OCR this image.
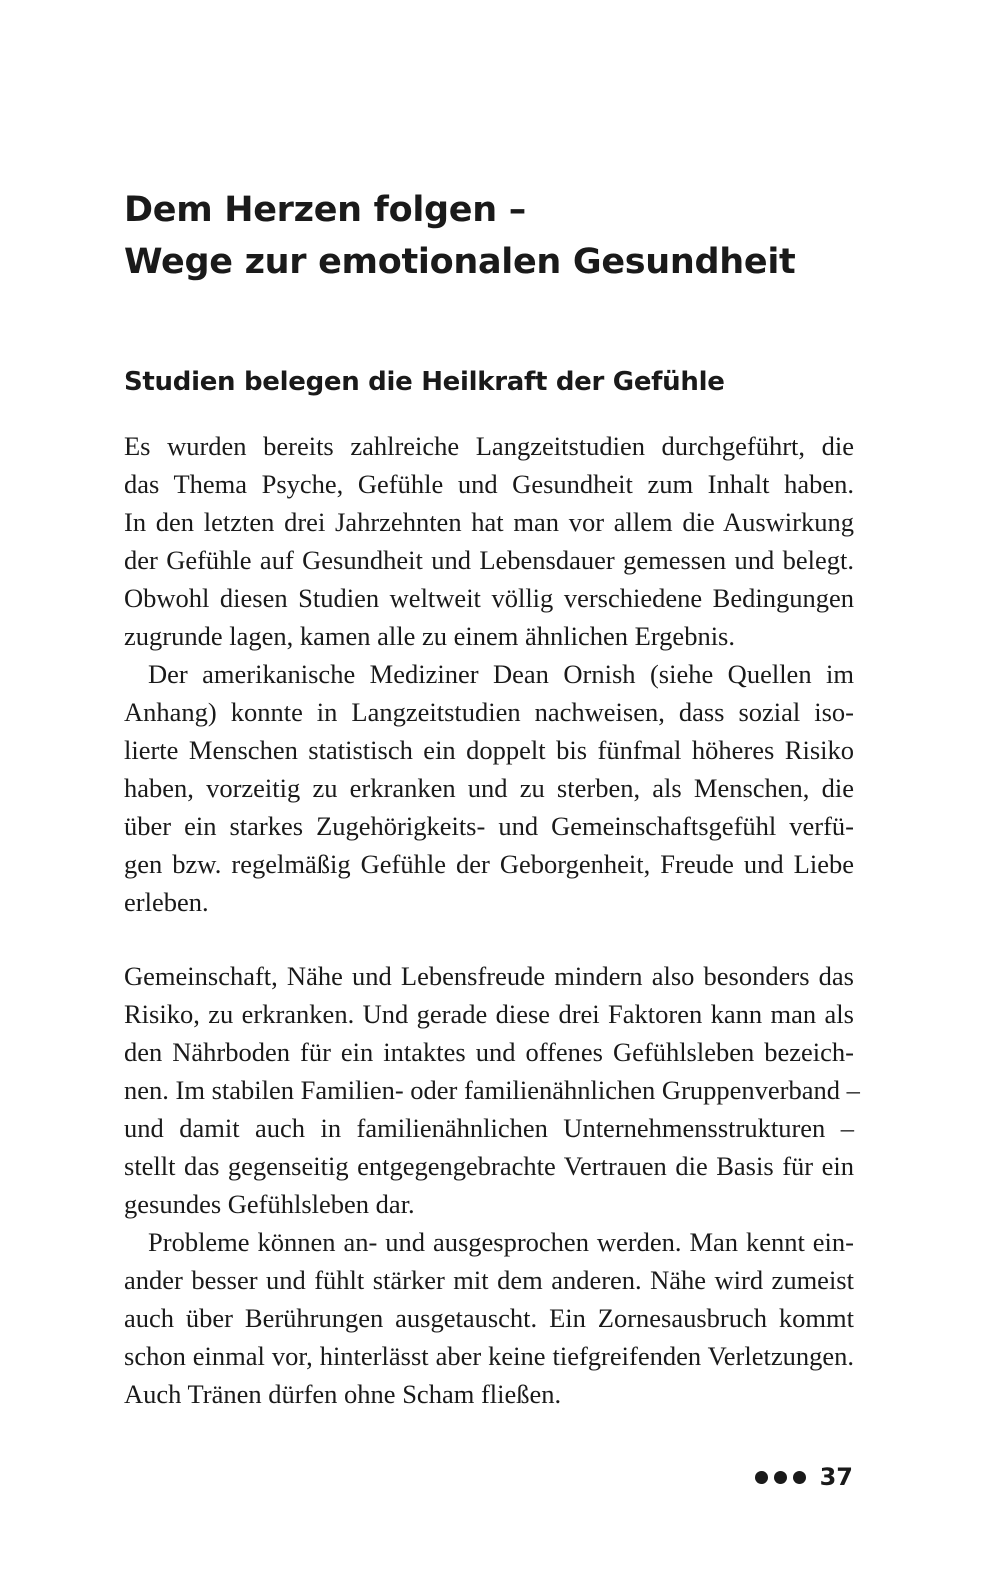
Dem Herzen folgen –
Wege zur emotionalen Gesundheit
Studien belegen die Heilkraft der Gefühle
Es wurden bereits zahlreiche Langzeitstudien durchgeführt, die
das Thema Psyche, Gefühle und Gesundheit zum Inhalt haben.
In den letzten drei Jahrzehnten hat man vor allem die Auswirkung
der Gefühle auf Gesundheit und Lebensdauer gemessen und belegt.
Obwohl diesen Studien weltweit völlig verschiedene Bedingungen
zugrunde lagen, kamen alle zu einem ähnlichen Ergebnis.
Der amerikanische Mediziner Dean Ornish (siehe Quellen im
Anhang) konnte in Langzeitstudien nachweisen, dass sozial iso-
lierte Menschen statistisch ein doppelt bis fünfmal höheres Risiko
haben, vorzeitig zu erkranken und zu sterben, als Menschen, die
über ein starkes Zugehörigkeits- und Gemeinschaftsgefühl verfü-
gen bzw. regelmäßig Gefühle der Geborgenheit, Freude und Liebe
erleben.
Gemeinschaft, Nähe und Lebensfreude mindern also besonders das
Risiko, zu erkranken. Und gerade diese drei Faktoren kann man als
den Nährboden für ein intaktes und offenes Gefühlsleben bezeich-
nen. Im stabilen Familien- oder familienähnlichen Gruppenverband –
und damit auch in familienähnlichen Unternehmensstrukturen –
stellt das gegenseitig entgegengebrachte Vertrauen die Basis für ein
gesundes Gefühlsleben dar.
Probleme können an- und ausgesprochen werden. Man kennt ein-
ander besser und fühlt stärker mit dem anderen. Nähe wird zumeist
auch über Berührungen ausgetauscht. Ein Zornesausbruch kommt
schon einmal vor, hinterlässt aber keine tiefgreifenden Verletzungen.
Auch Tränen dürfen ohne Scham fließen.
37
